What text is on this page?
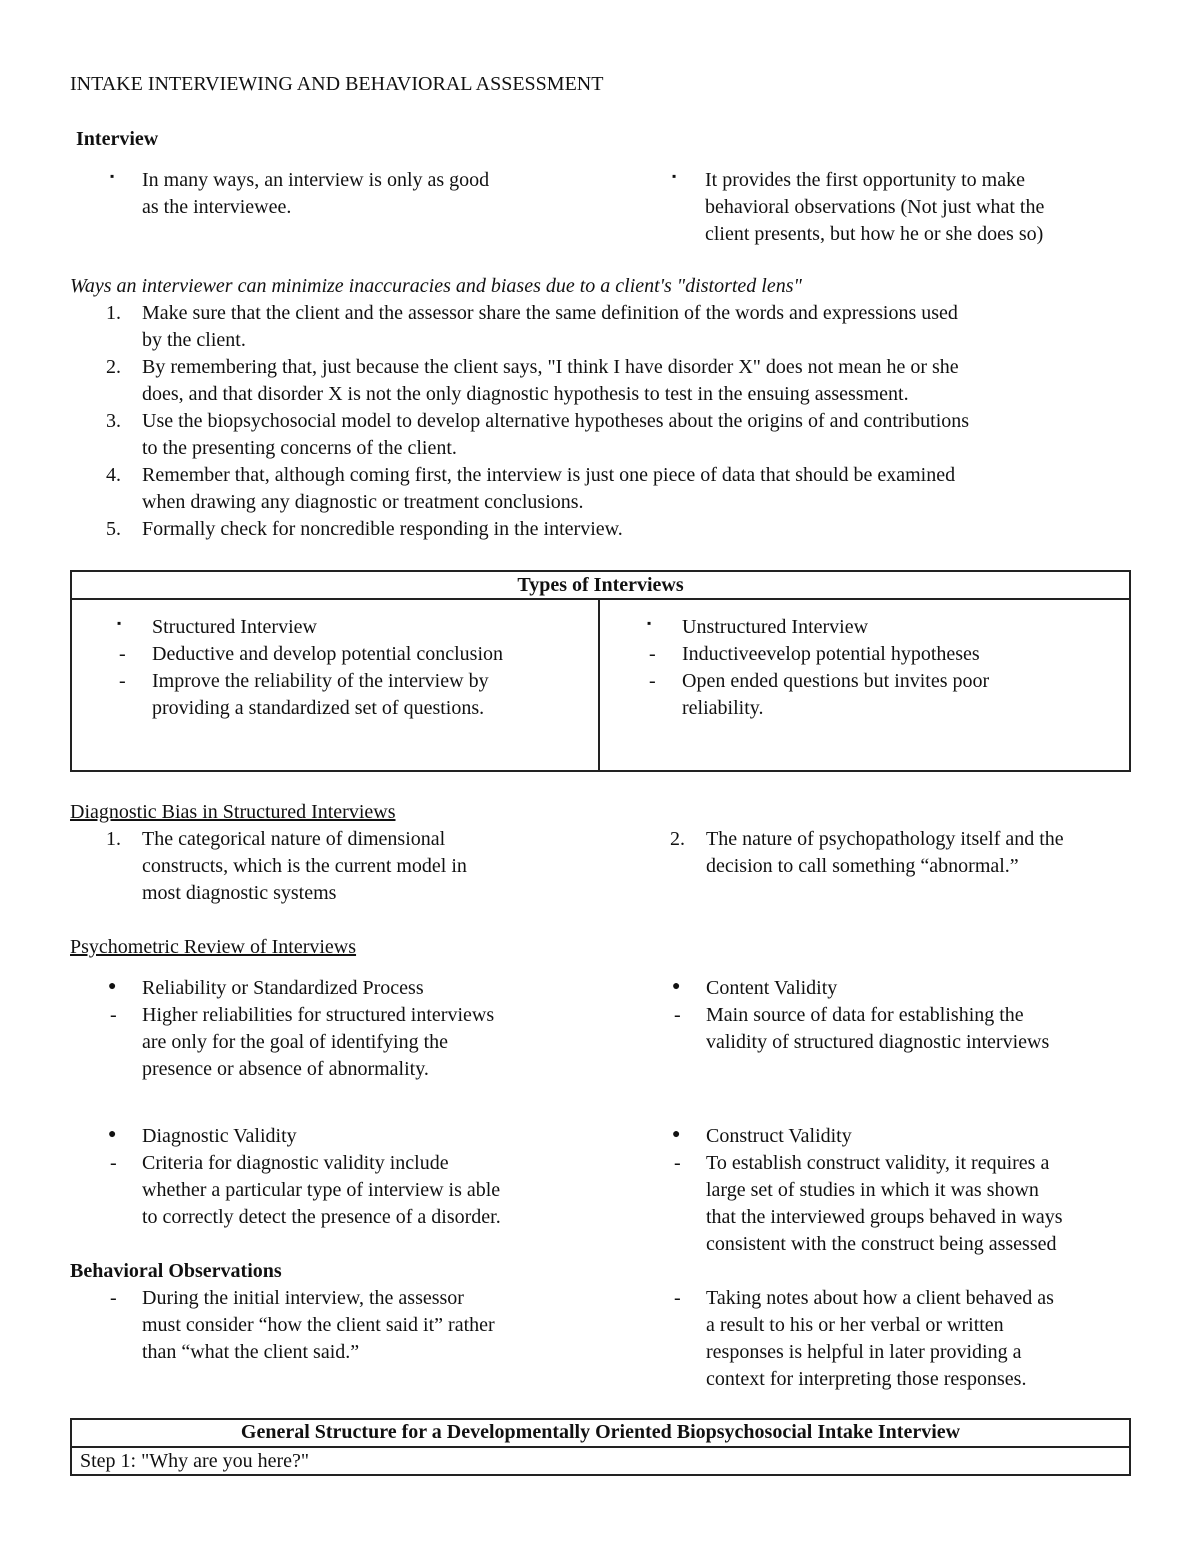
INTAKE INTERVIEWING AND BEHAVIORAL ASSESSMENT
Interview
▪ In many ways, an interview is only as good
as the interviewee.
▪ It provides the first opportunity to make
behavioral observations (Not just what the
client presents, but how he or she does so)
Ways an interviewer can minimize inaccuracies and biases due to a client's "distorted lens"
1. Make sure that the client and the assessor share the same definition of the words and expressions used
by the client.
2. By remembering that, just because the client says, "I think I have disorder X" does not mean he or she
does, and that disorder X is not the only diagnostic hypothesis to test in the ensuing assessment.
3. Use the biopsychosocial model to develop alternative hypotheses about the origins of and contributions
to the presenting concerns of the client.
4. Remember that, although coming first, the interview is just one piece of data that should be examined
when drawing any diagnostic or treatment conclusions.
5. Formally check for noncredible responding in the interview.
Types of Interviews
▪ Structured Interview
- Deductive and develop potential conclusion
- Improve the reliability of the interview by
providing a standardized set of questions.
▪ Unstructured Interview
- Inductiveevelop potential hypotheses
- Open ended questions but invites poor
reliability.
Diagnostic Bias in Structured Interviews
1. The categorical nature of dimensional
constructs, which is the current model in
most diagnostic systems
2. The nature of psychopathology itself and the
decision to call something “abnormal.”
Psychometric Review of Interviews
● Reliability or Standardized Process
- Higher reliabilities for structured interviews
are only for the goal of identifying the
presence or absence of abnormality.
● Content Validity
- Main source of data for establishing the
validity of structured diagnostic interviews
● Diagnostic Validity
- Criteria for diagnostic validity include
whether a particular type of interview is able
to correctly detect the presence of a disorder.
● Construct Validity
- To establish construct validity, it requires a
large set of studies in which it was shown
that the interviewed groups behaved in ways
consistent with the construct being assessed
Behavioral Observations
- During the initial interview, the assessor
must consider “how the client said it” rather
than “what the client said.”
- Taking notes about how a client behaved as
a result to his or her verbal or written
responses is helpful in later providing a
context for interpreting those responses.
General Structure for a Developmentally Oriented Biopsychosocial Intake Interview
Step 1: "Why are you here?"
